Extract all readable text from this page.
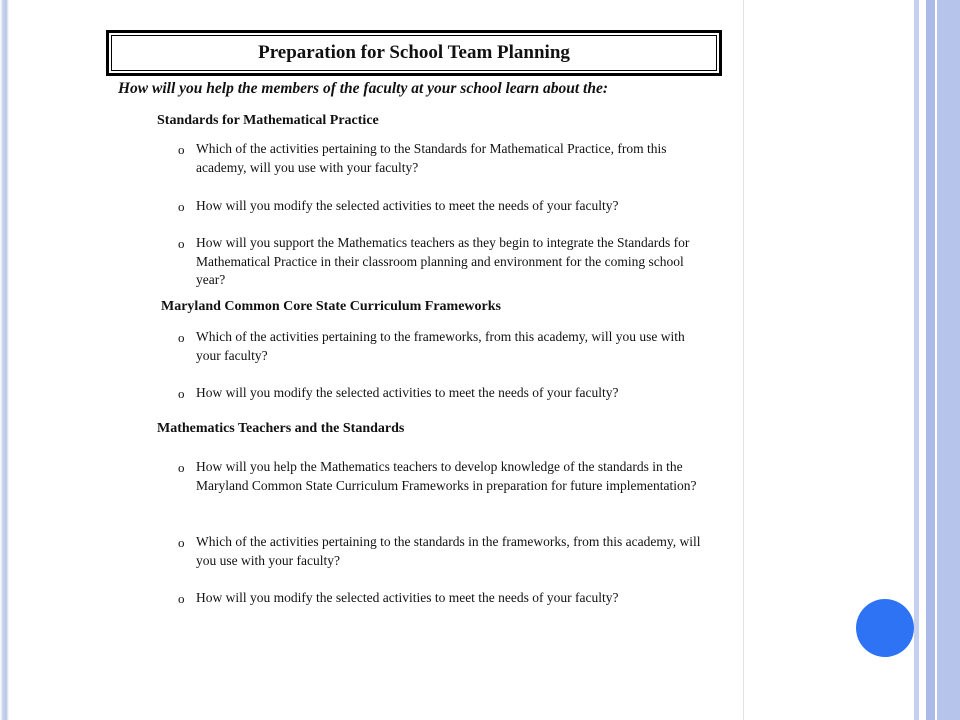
Preparation for School Team Planning
How will you help the members of the faculty at your school learn about the:
Standards for Mathematical Practice
o Which of the activities pertaining to the Standards for Mathematical Practice, from this academy, will you use with your faculty?
o How will you modify the selected activities to meet the needs of your faculty?
o How will you support the Mathematics teachers as they begin to integrate the Standards for Mathematical Practice in their classroom planning and environment for the coming school year?
Maryland Common Core State Curriculum Frameworks
o Which of the activities pertaining to the frameworks, from this academy, will you use with your faculty?
o How will you modify the selected activities to meet the needs of your faculty?
Mathematics Teachers and the Standards
o How will you help the Mathematics teachers to develop knowledge of the standards in the Maryland Common State Curriculum Frameworks in preparation for future implementation?
o Which of the activities pertaining to the standards in the frameworks, from this academy, will you use with your faculty?
o How will you modify the selected activities to meet the needs of your faculty?
